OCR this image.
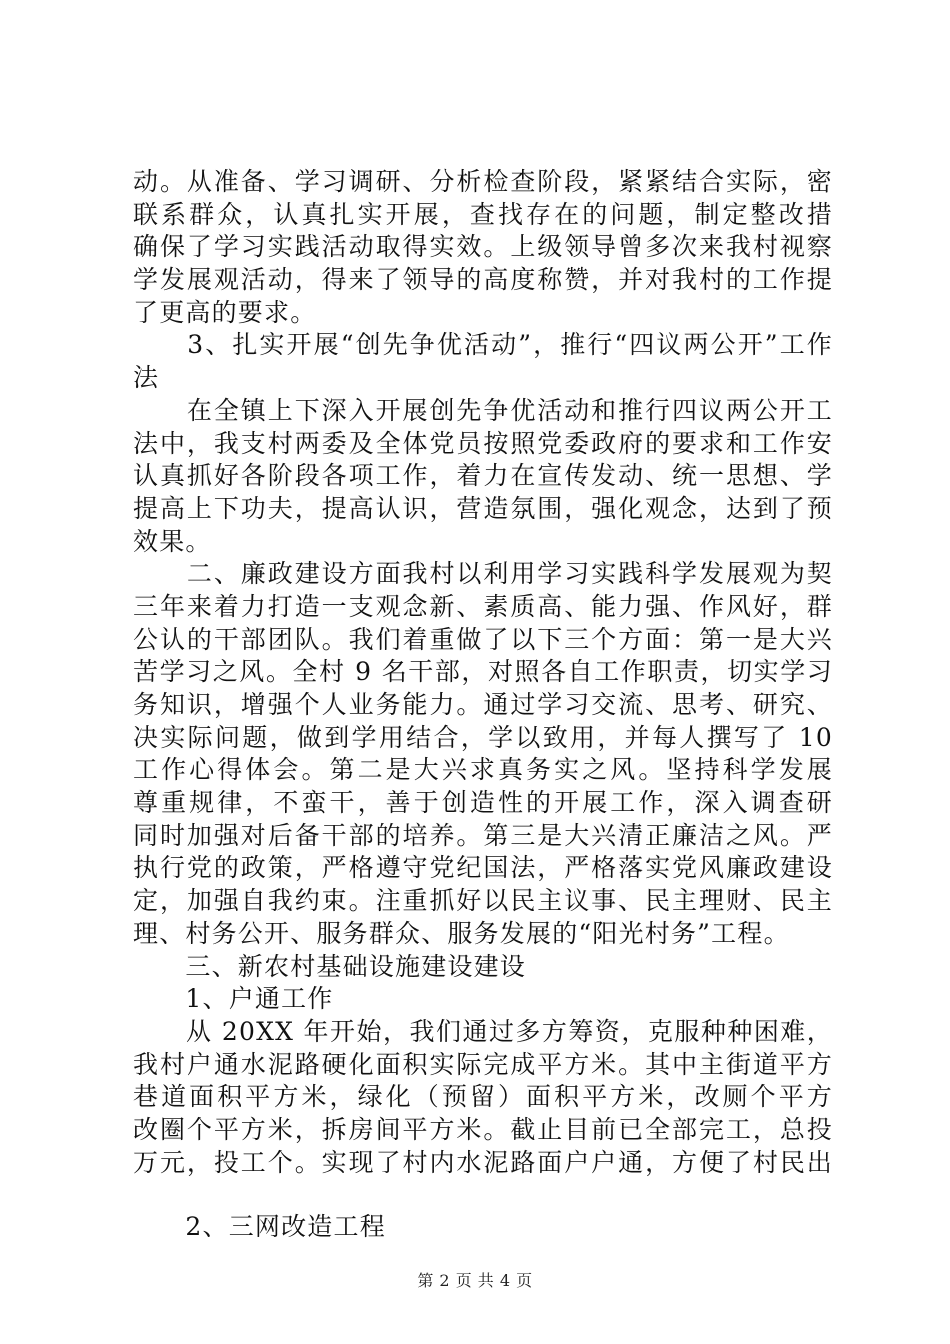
动。从准备、学习调研、分析检查阶段，紧紧结合实际，密
联系群众，认真扎实开展，查找存在的问题，制定整改措
确保了学习实践活动取得实效。上级领导曾多次来我村视察
学发展观活动，得来了领导的高度称赞，并对我村的工作提
了更高的要求。
　　3、扎实开展“创先争优活动”，推行“四议两公开”工作
法
　　在全镇上下深入开展创先争优活动和推行四议两公开工
法中，我支村两委及全体党员按照党委政府的要求和工作安
认真抓好各阶段各项工作，着力在宣传发动、统一思想、学
提高上下功夫，提高认识，营造氛围，强化观念，达到了预
效果。
　　二、廉政建设方面我村以利用学习实践科学发展观为契
三年来着力打造一支观念新、素质高、能力强、作风好，群
公认的干部团队。我们着重做了以下三个方面：第一是大兴
苦学习之风。全村 9 名干部，对照各自工作职责，切实学习
务知识，增强个人业务能力。通过学习交流、思考、研究、
决实际问题，做到学用结合，学以致用，并每人撰写了 10
工作心得体会。第二是大兴求真务实之风。坚持科学发展
尊重规律，不蛮干，善于创造性的开展工作，深入调查研
同时加强对后备干部的培养。第三是大兴清正廉洁之风。严
执行党的政策，严格遵守党纪国法，严格落实党风廉政建设
定，加强自我约束。注重抓好以民主议事、民主理财、民主
理、村务公开、服务群众、服务发展的“阳光村务”工程。
　　三、新农村基础设施建设建设
　　1、户通工作
　　从 20XX 年开始，我们通过多方筹资，克服种种困难，
我村户通水泥路硬化面积实际完成平方米。其中主街道平方
巷道面积平方米，绿化（预留）面积平方米，改厕个平方
改圈个平方米，拆房间平方米。截止目前已全部完工，总投
万元，投工个。实现了村内水泥路面户户通，方便了村民出
　　2、三网改造工程
第 2 页 共 4 页
